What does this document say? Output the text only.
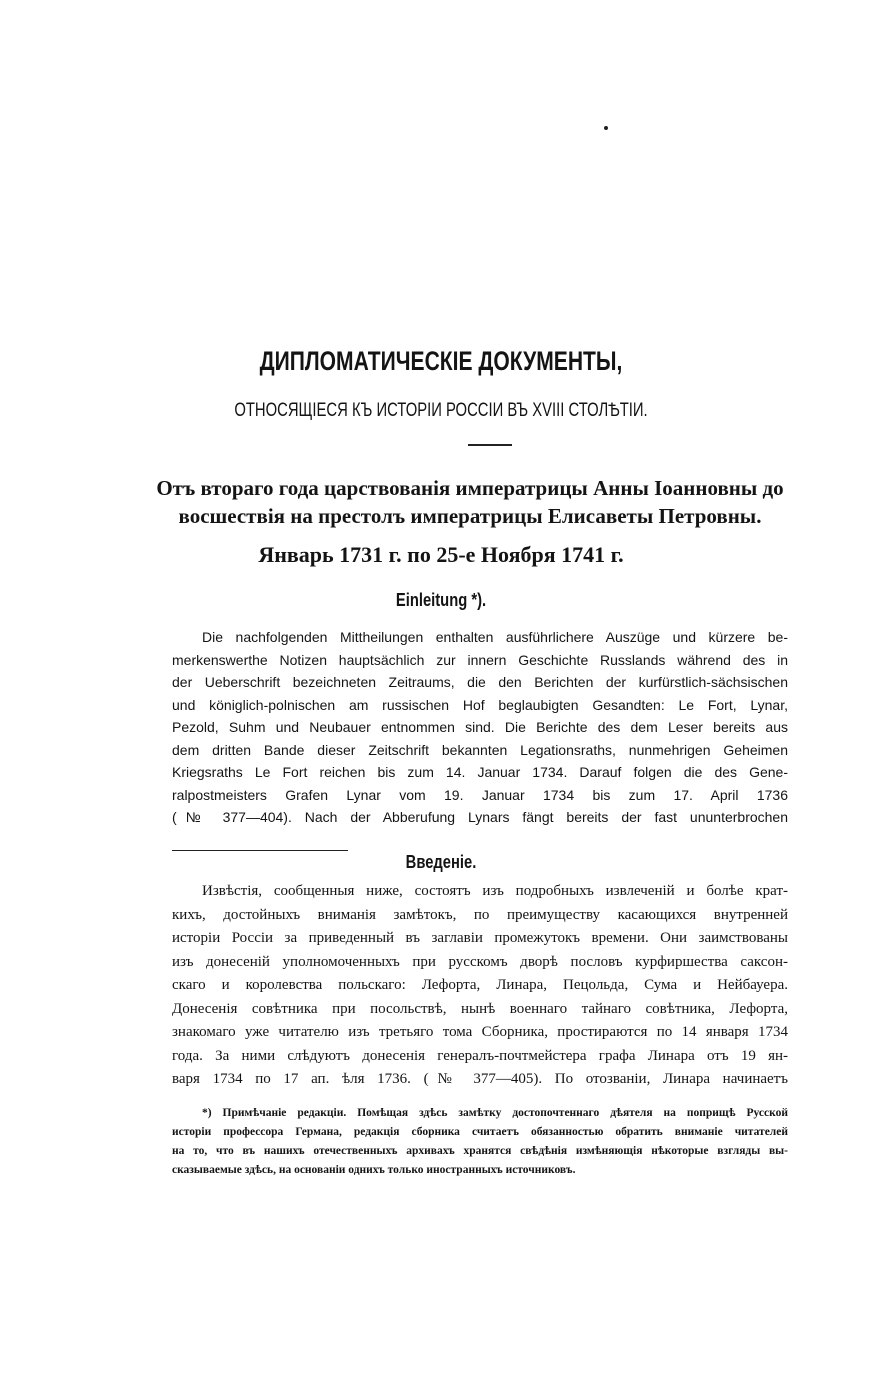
ДИПЛОМАТИЧЕСКІЕ ДОКУМЕНТЫ,
ОТНОСЯЩІЕСЯ КЪ ИСТОРІИ РОССІИ ВЪ XVIII СТОЛѢТІИ.
Отъ втораго года царствованія императрицы Анны Іоанновны до
восшествія на престолъ императрицы Елисаветы Петровны.
Январь 1731 г. по 25-е Ноября 1741 г.
Einleitung *).
Die nachfolgenden Mittheilungen enthalten ausführlichere Auszüge und kürzere be-
merkenswerthe Notizen hauptsächlich zur innern Geschichte Russlands während des in
der Ueberschrift bezeichneten Zeitraums, die den Berichten der kurfürstlich-sächsischen
und königlich-polnischen am russischen Hof beglaubigten Gesandten: Le Fort, Lynar,
Pezold, Suhm und Neubauer entnommen sind. Die Berichte des dem Leser bereits aus
dem dritten Bande dieser Zeitschrift bekannten Legationsraths, nunmehrigen Geheimen
Kriegsraths Le Fort reichen bis zum 14. Januar 1734. Darauf folgen die des Gene-
ralpostmeisters Grafen Lynar vom 19. Januar 1734 bis zum 17. April 1736
(№ 377—404). Nach der Abberufung Lynars fängt bereits der fast ununterbrochen
Введеніе.
Извѣстія, сообщенныя ниже, состоятъ изъ подробныхъ извлеченій и болѣе крат-
кихъ, достойныхъ вниманія замѣтокъ, по преимуществу касающихся внутренней
исторіи Россіи за приведенный въ заглавіи промежутокъ времени. Они заимствованы
изъ донесеній уполномоченныхъ при русскомъ дворѣ пословъ курфиршества саксон-
скаго и королевства польскаго: Лефорта, Линара, Пецольда, Сума и Нейбауера.
Донесенія совѣтника при посольствѣ, нынѣ военнаго тайнаго совѣтника, Лефорта,
знакомаго уже читателю изъ третьяго тома Сборника, простираются по 14 января 1734
года. За ними слѣдуютъ донесенія генералъ-почтмейстера графа Линара отъ 19 ян-
варя 1734 по 17 ап. ѣля 1736. (№ 377—405). По отозваніи, Линара начинаетъ
*) Примѣчаніе редакціи. Помѣщая здѣсь замѣтку достопочтеннаго дѣятеля на поприщѣ Русской
исторіи профессора Германа, редакція сборника считаетъ обязанностью обратить вниманіе читателей
на то, что въ нашихъ отечественныхъ архивахъ хранятся свѣдѣнія измѣняющія нѣкоторые взгляды вы-
сказываемые здѣсь, на основаніи однихъ только иностранныхъ источниковъ.
